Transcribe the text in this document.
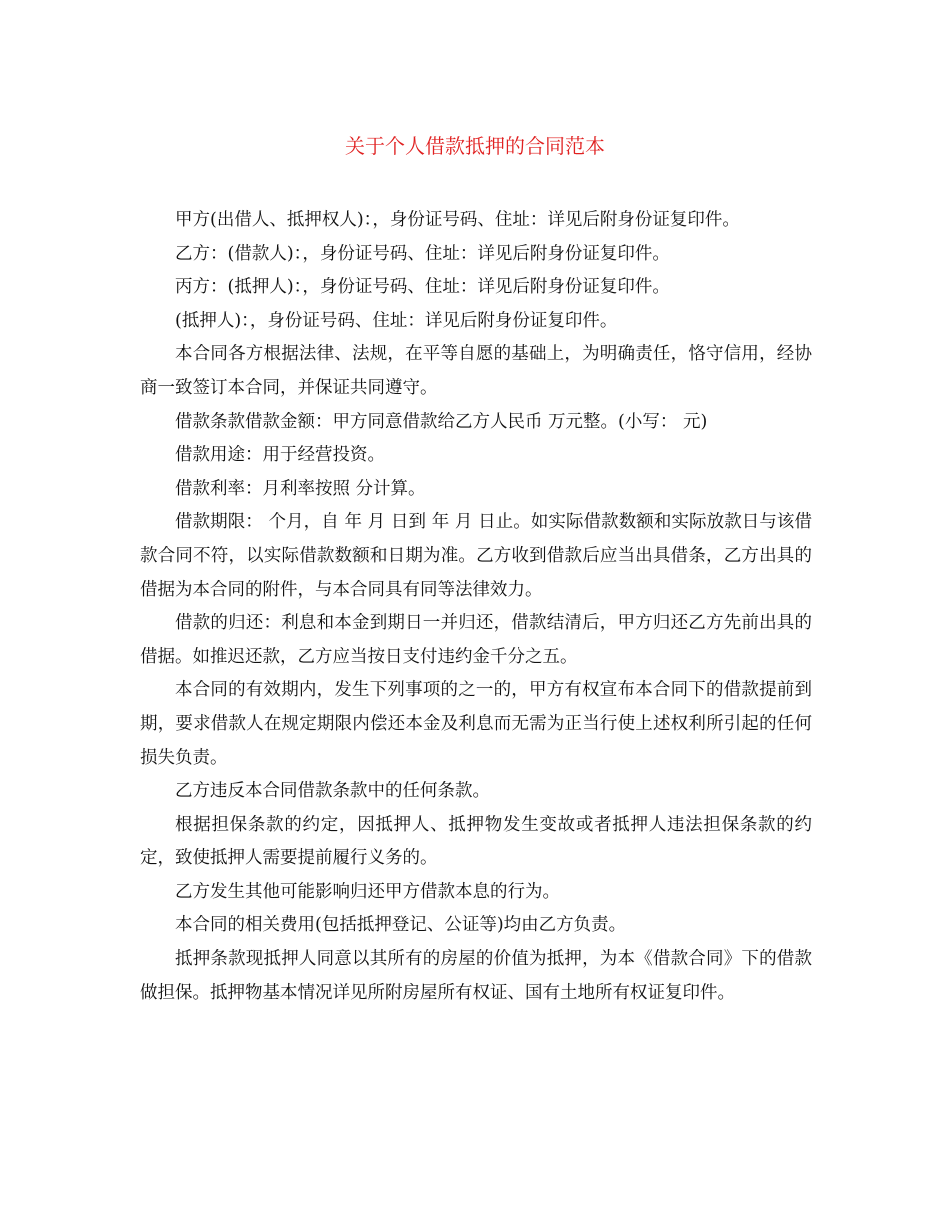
关于个人借款抵押的合同范本

甲方(出借人、抵押权人)：，身份证号码、住址：详见后附身份证复印件。

乙方：(借款人)：，身份证号码、住址：详见后附身份证复印件。

丙方：(抵押人)：，身份证号码、住址：详见后附身份证复印件。

(抵押人)：，身份证号码、住址：详见后附身份证复印件。

本合同各方根据法律、法规，在平等自愿的基础上，为明确责任，恪守信用，经协商一致签订本合同，并保证共同遵守。

借款条款借款金额：甲方同意借款给乙方人民币 万元整。(小写： 元)

借款用途：用于经营投资。

借款利率：月利率按照 分计算。

借款期限： 个月，自 年 月 日到 年 月 日止。如实际借款数额和实际放款日与该借款合同不符，以实际借款数额和日期为准。乙方收到借款后应当出具借条，乙方出具的借据为本合同的附件，与本合同具有同等法律效力。

借款的归还：利息和本金到期日一并归还，借款结清后，甲方归还乙方先前出具的借据。如推迟还款，乙方应当按日支付违约金千分之五。

本合同的有效期内，发生下列事项的之一的，甲方有权宣布本合同下的借款提前到期，要求借款人在规定期限内偿还本金及利息而无需为正当行使上述权利所引起的任何损失负责。

乙方违反本合同借款条款中的任何条款。

根据担保条款的约定，因抵押人、抵押物发生变故或者抵押人违法担保条款的约定，致使抵押人需要提前履行义务的。

乙方发生其他可能影响归还甲方借款本息的行为。

本合同的相关费用(包括抵押登记、公证等)均由乙方负责。

抵押条款现抵押人同意以其所有的房屋的价值为抵押，为本《借款合同》下的借款做担保。抵押物基本情况详见所附房屋所有权证、国有土地所有权证复印件。
